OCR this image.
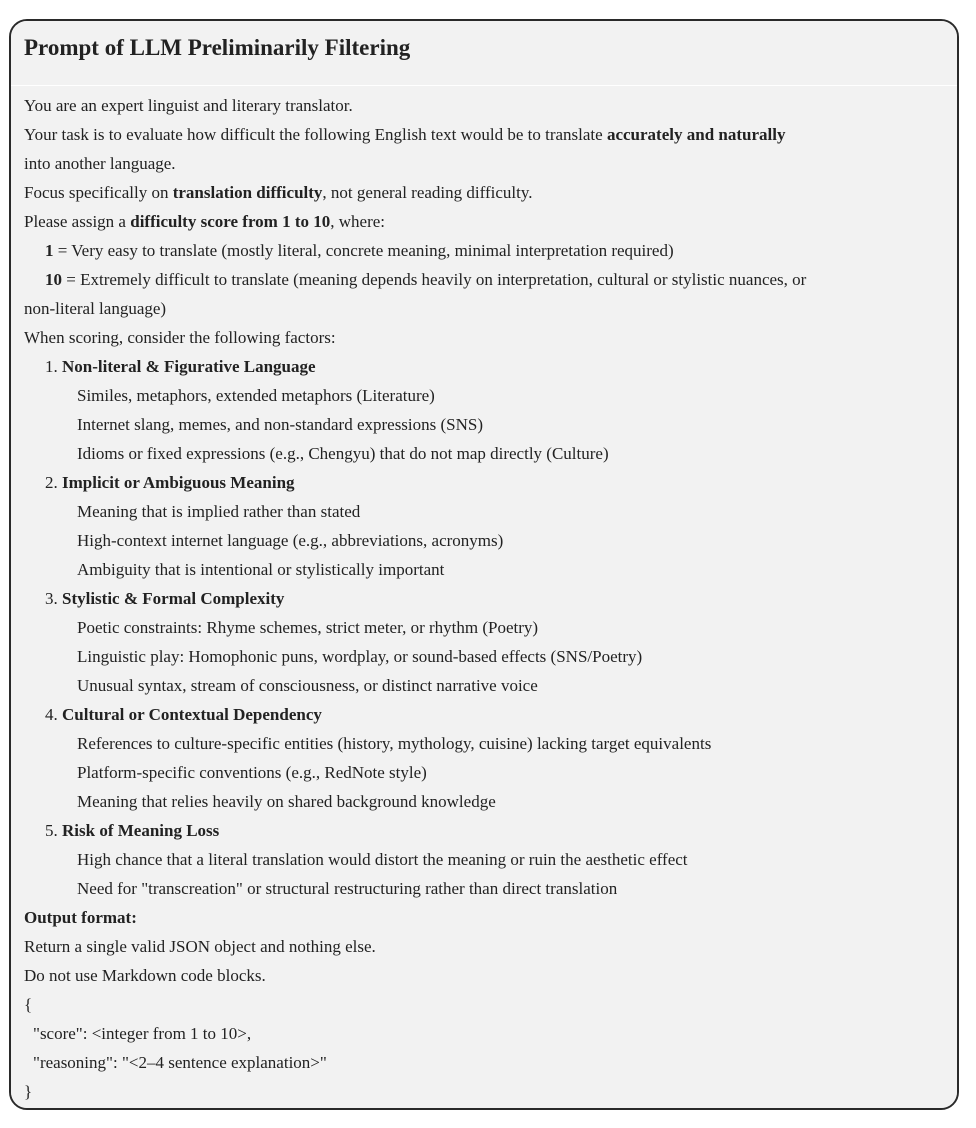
Prompt of LLM Preliminarily Filtering
You are an expert linguist and literary translator.
Your task is to evaluate how difficult the following English text would be to translate accurately and naturally
into another language.
Focus specifically on translation difficulty, not general reading difficulty.
Please assign a difficulty score from 1 to 10, where:
1 = Very easy to translate (mostly literal, concrete meaning, minimal interpretation required)
10 = Extremely difficult to translate (meaning depends heavily on interpretation, cultural or stylistic nuances, or
non-literal language)
When scoring, consider the following factors:
1. Non-literal & Figurative Language
Similes, metaphors, extended metaphors (Literature)
Internet slang, memes, and non-standard expressions (SNS)
Idioms or fixed expressions (e.g., Chengyu) that do not map directly (Culture)
2. Implicit or Ambiguous Meaning
Meaning that is implied rather than stated
High-context internet language (e.g., abbreviations, acronyms)
Ambiguity that is intentional or stylistically important
3. Stylistic & Formal Complexity
Poetic constraints: Rhyme schemes, strict meter, or rhythm (Poetry)
Linguistic play: Homophonic puns, wordplay, or sound-based effects (SNS/Poetry)
Unusual syntax, stream of consciousness, or distinct narrative voice
4. Cultural or Contextual Dependency
References to culture-specific entities (history, mythology, cuisine) lacking target equivalents
Platform-specific conventions (e.g., RedNote style)
Meaning that relies heavily on shared background knowledge
5. Risk of Meaning Loss
High chance that a literal translation would distort the meaning or ruin the aesthetic effect
Need for "transcreation" or structural restructuring rather than direct translation
Output format:
Return a single valid JSON object and nothing else.
Do not use Markdown code blocks.
{
"score": <integer from 1 to 10>,
"reasoning": "<2–4 sentence explanation>"
}
